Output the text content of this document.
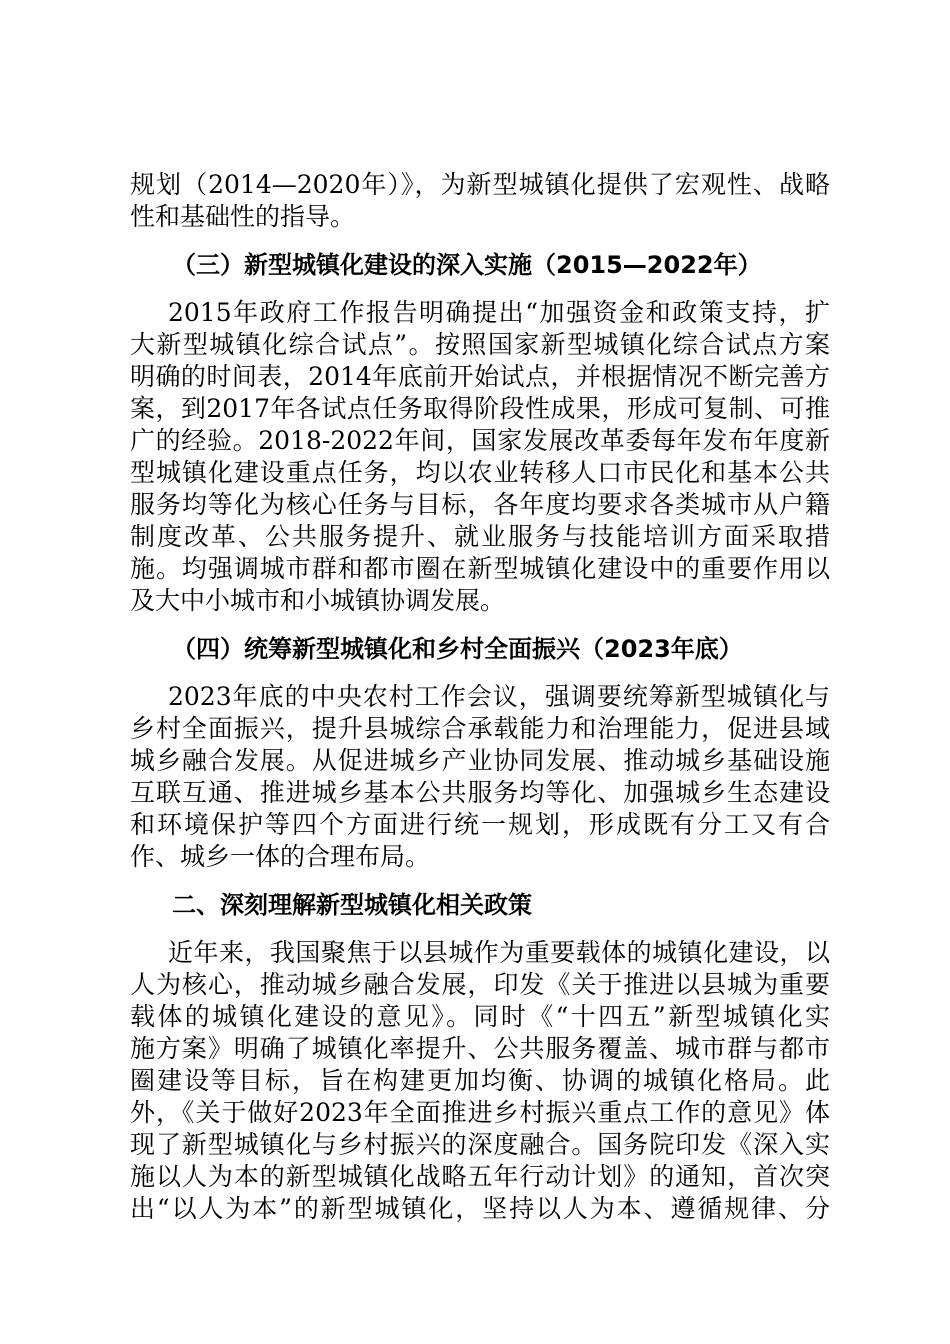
规划（2014—2020年）》，为新型城镇化提供了宏观性、战略
性和基础性的指导。
（三）新型城镇化建设的深入实施（2015—2022年）
2015年政府工作报告明确提出“加强资金和政策支持，扩
大新型城镇化综合试点”。按照国家新型城镇化综合试点方案
明确的时间表，2014年底前开始试点，并根据情况不断完善方
案，到2017年各试点任务取得阶段性成果，形成可复制、可推
广的经验。2018-2022年间，国家发展改革委每年发布年度新
型城镇化建设重点任务，均以农业转移人口市民化和基本公共
服务均等化为核心任务与目标，各年度均要求各类城市从户籍
制度改革、公共服务提升、就业服务与技能培训方面采取措
施。均强调城市群和都市圈在新型城镇化建设中的重要作用以
及大中小城市和小城镇协调发展。
（四）统筹新型城镇化和乡村全面振兴（2023年底）
2023年底的中央农村工作会议，强调要统筹新型城镇化与
乡村全面振兴，提升县城综合承载能力和治理能力，促进县域
城乡融合发展。从促进城乡产业协同发展、推动城乡基础设施
互联互通、推进城乡基本公共服务均等化、加强城乡生态建设
和环境保护等四个方面进行统一规划，形成既有分工又有合
作、城乡一体的合理布局。
二、深刻理解新型城镇化相关政策
近年来，我国聚焦于以县城作为重要载体的城镇化建设，以
人为核心，推动城乡融合发展，印发《关于推进以县城为重要
载体的城镇化建设的意见》。同时《“十四五”新型城镇化实
施方案》明确了城镇化率提升、公共服务覆盖、城市群与都市
圈建设等目标，旨在构建更加均衡、协调的城镇化格局。此
外，《关于做好2023年全面推进乡村振兴重点工作的意见》体
现了新型城镇化与乡村振兴的深度融合。国务院印发《深入实
施以人为本的新型城镇化战略五年行动计划》的通知，首次突
出“以人为本”的新型城镇化，坚持以人为本、遵循规律、分
